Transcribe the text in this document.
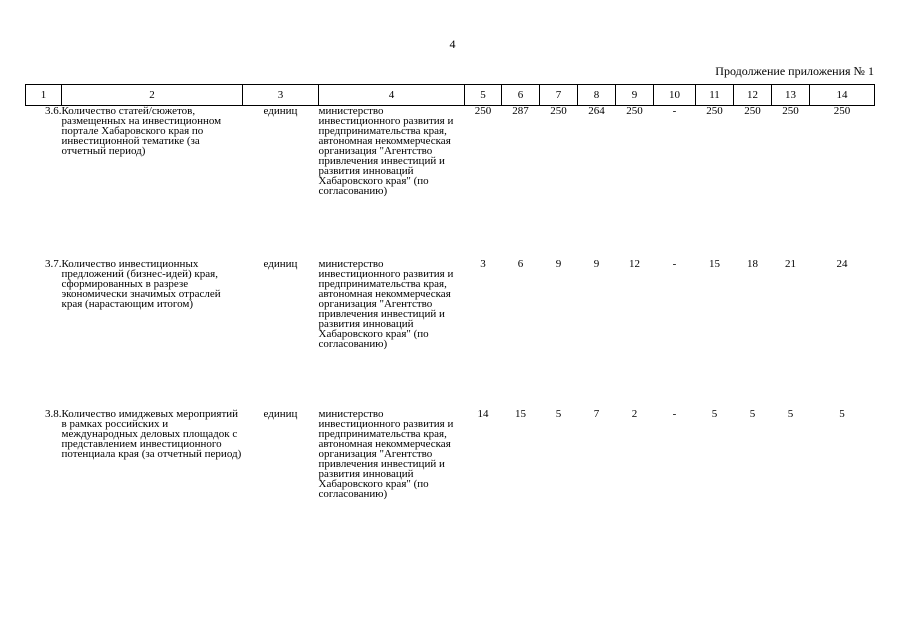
4
Продолжение приложения № 1
1	2	3	4	5	6	7	8	9	10	11	12	13	14
3.6.	Количество статей/сюжетов, размещенных на инвестиционном портале Хабаровского края по инвестиционной тематике (за отчетный период)	единиц	министерство инвестиционного развития и предпринимательства края, автономная некоммерческая организация "Агентство привлечения инвестиций и развития инноваций Хабаровского края" (по согласованию)	250	287	250	264	250	-	250	250	250	250
3.7.	Количество инвестиционных предложений (бизнес-идей) края, сформированных в разрезе экономически значимых отраслей края (нарастающим итогом)	единиц	министерство инвестиционного развития и предпринимательства края, автономная некоммерческая организация "Агентство привлечения инвестиций и развития инноваций Хабаровского края" (по согласованию)	3	6	9	9	12	-	15	18	21	24
3.8.	Количество имиджевых мероприятий в рамках российских и международных деловых площадок с представлением инвестиционного потенциала края (за отчетный период)	единиц	министерство инвестиционного развития и предпринимательства края, автономная некоммерческая организация "Агентство привлечения инвестиций и развития инноваций Хабаровского края" (по согласованию)	14	15	5	7	2	-	5	5	5	5
